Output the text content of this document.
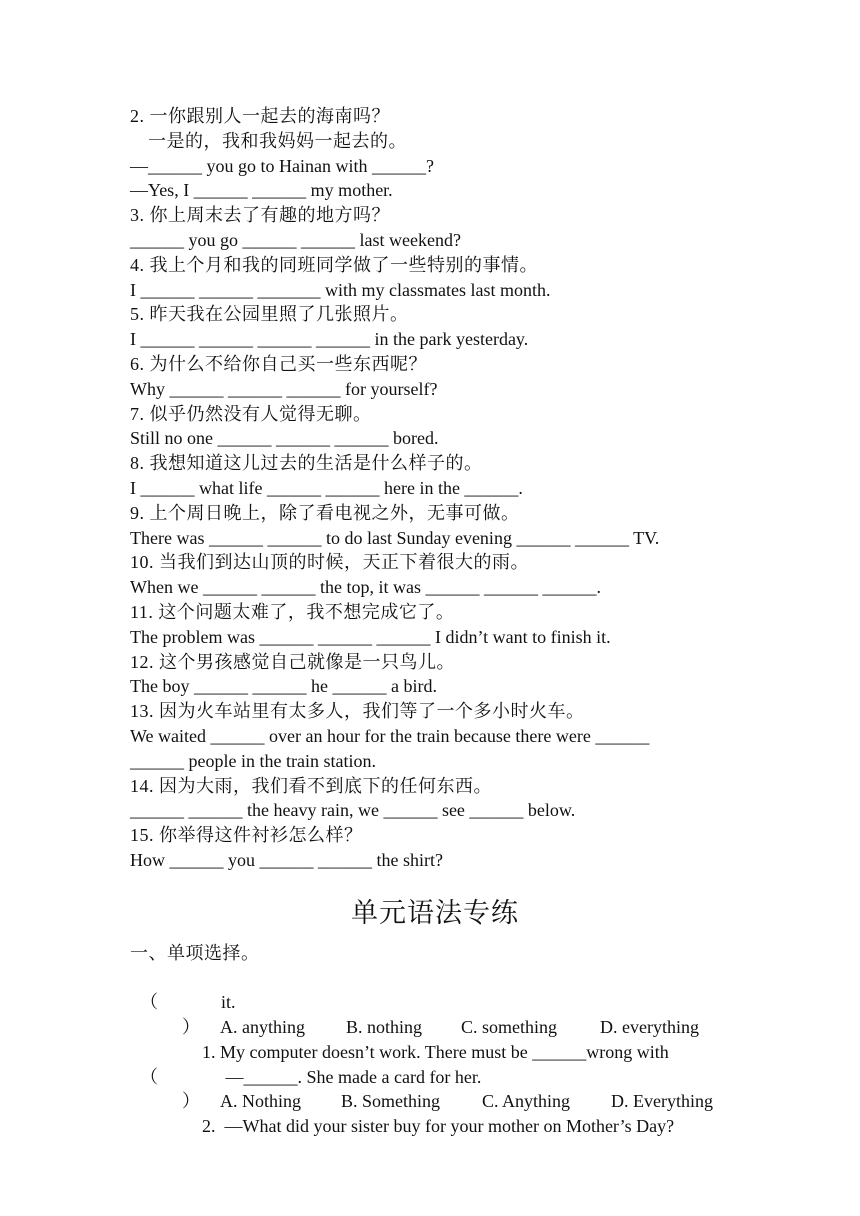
2. 一你跟别人一起去的海南吗？
一是的，我和我妈妈一起去的。
—______ you go to Hainan with ______?
—Yes, I ______ ______ my mother.
3. 你上周末去了有趣的地方吗？
______ you go ______ ______ last weekend?
4. 我上个月和我的同班同学做了一些特别的事情。
I ______ ______ _______ with my classmates last month.
5. 昨天我在公园里照了几张照片。
I ______ ______ ______ ______ in the park yesterday.
6. 为什么不给你自己买一些东西呢？
Why ______ ______ ______ for yourself?
7. 似乎仍然没有人觉得无聊。
Still no one ______ ______ ______ bored.
8. 我想知道这儿过去的生活是什么样子的。
I ______ what life ______ ______ here in the ______.
9. 上个周日晚上，除了看电视之外，无事可做。
There was ______ ______ to do last Sunday evening ______ ______ TV.
10. 当我们到达山顶的时候，天正下着很大的雨。
When we ______ ______ the top, it was ______ ______ ______.
11. 这个问题太难了，我不想完成它了。
The problem was ______ ______ ______ I didn’t want to finish it.
12. 这个男孩感觉自己就像是一只鸟儿。
The boy ______ ______ he ______ a bird.
13. 因为火车站里有太多人，我们等了一个多小时火车。
We waited ______ over an hour for the train because there were ______
______ people in the train station.
14. 因为大雨，我们看不到底下的任何东西。
______ ______ the heavy rain, we ______ see ______ below.
15. 你举得这件衬衫怎么样？
How ______ you ______ ______ the shirt?
单元语法专练
一、单项选择。

（

）

1. My computer doesn’t work. There must be ______wrong with

it.
A. anything B. nothing C. something D. everything

（

）

2.  —What did your sister buy for your mother on Mother’s Day?

—______. She made a card for her.
A. Nothing B. Something C. Anything D. Everything
